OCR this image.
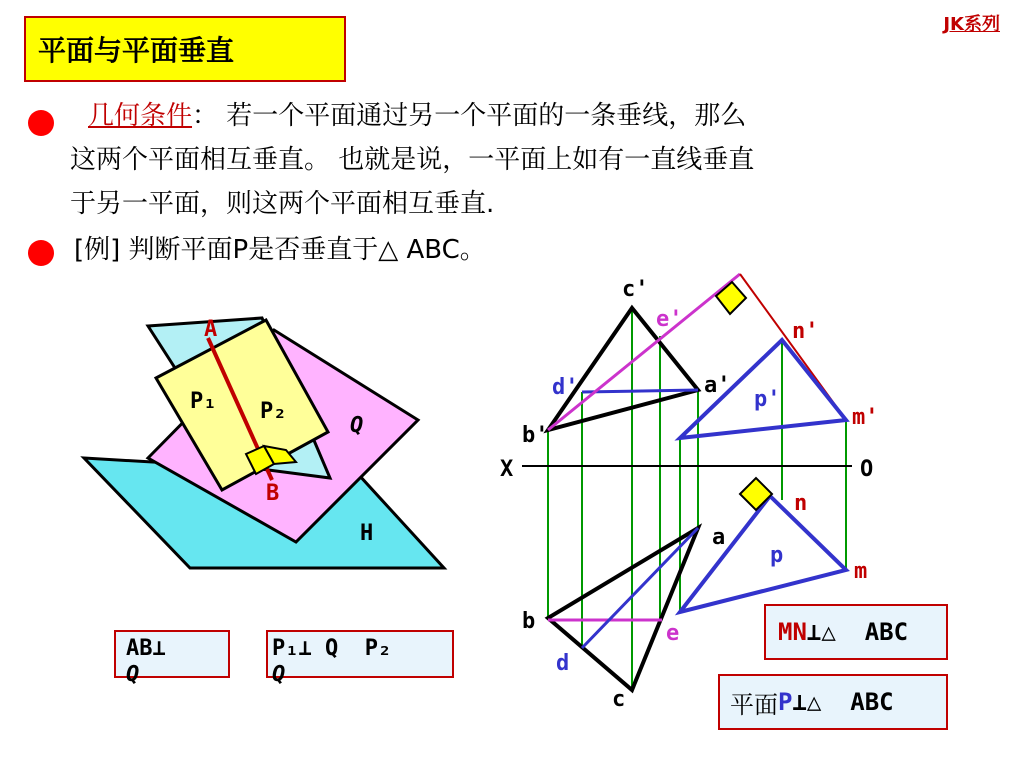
平面与平面垂直
JK系列
几何条件： 若一个平面通过另一个平面的一条垂线，那么
这两个平面相互垂直。 也就是说，一平面上如有一直线垂直
于另一平面，则这两个平面相互垂直.
[例] 判断平面P是否垂直于△ ABC。
A
B
P₁ P₂
Q
H
AB⊥
Q
P₁⊥ Q  P₂
Q
c'
e'	n'
d'	a'
p'
m'
b'
X	O
n
a
p
m
b	e
d
c
MN ⊥△  ABC
平面 P ⊥△  ABC
